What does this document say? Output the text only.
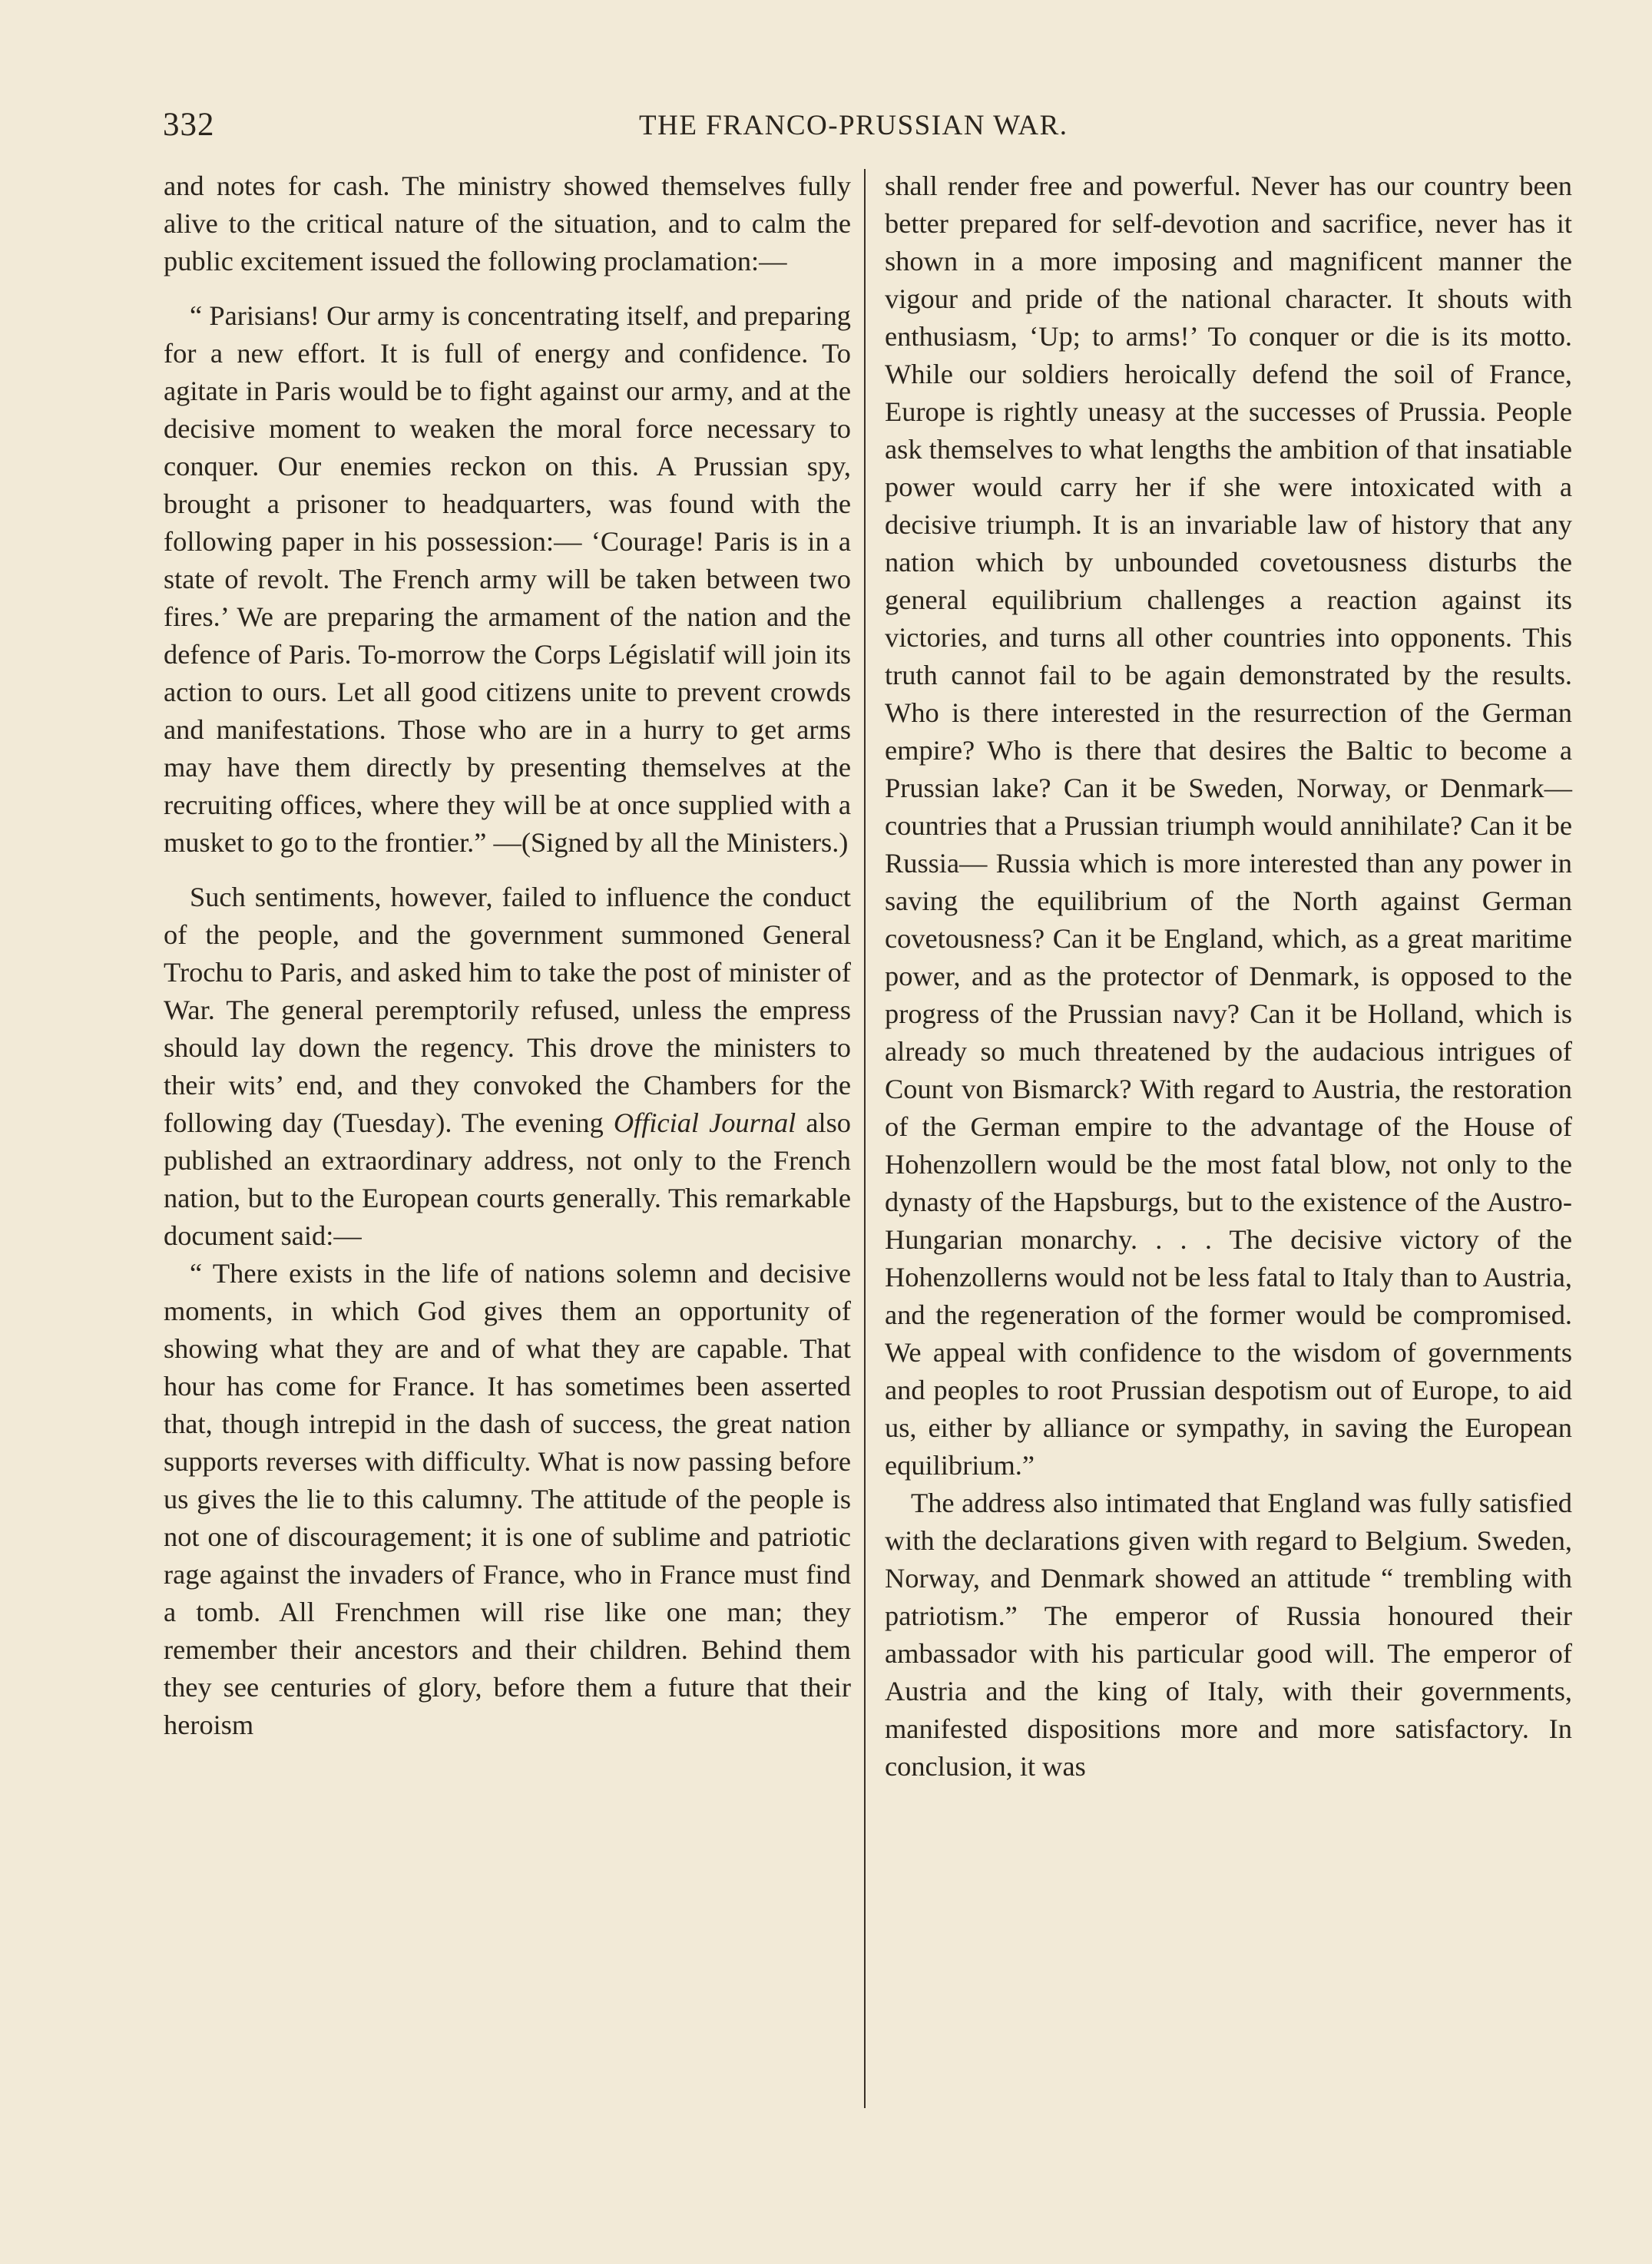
332	THE FRANCO-PRUSSIAN WAR.

and notes for cash. The ministry showed themselves fully alive to the critical nature of the situation, and to calm the public excitement issued the following proclamation:—

“ Parisians! Our army is concentrating itself, and preparing for a new effort. It is full of energy and confidence. To agitate in Paris would be to fight against our army, and at the decisive moment to weaken the moral force necessary to conquer. Our enemies reckon on this. A Prussian spy, brought a prisoner to headquarters, was found with the following paper in his possession:— ‘Courage! Paris is in a state of revolt. The French army will be taken between two fires.’ We are preparing the armament of the nation and the defence of Paris. To-morrow the Corps Législatif will join its action to ours. Let all good citizens unite to prevent crowds and manifestations. Those who are in a hurry to get arms may have them directly by presenting themselves at the recruiting offices, where they will be at once supplied with a musket to go to the frontier.” —(Signed by all the Ministers.)

Such sentiments, however, failed to influence the conduct of the people, and the government summoned General Trochu to Paris, and asked him to take the post of minister of War. The general peremptorily refused, unless the empress should lay down the regency. This drove the ministers to their wits’ end, and they convoked the Chambers for the following day (Tuesday). The evening Official Journal also published an extraordinary address, not only to the French nation, but to the European courts generally. This remarkable document said:—

“ There exists in the life of nations solemn and decisive moments, in which God gives them an opportunity of showing what they are and of what they are capable. That hour has come for France. It has sometimes been asserted that, though intrepid in the dash of success, the great nation supports reverses with difficulty. What is now passing before us gives the lie to this calumny. The attitude of the people is not one of discouragement; it is one of sublime and patriotic rage against the invaders of France, who in France must find a tomb. All Frenchmen will rise like one man; they remember their ancestors and their children. Behind them they see centuries of glory, before them a future that their heroism

shall render free and powerful. Never has our country been better prepared for self-devotion and sacrifice, never has it shown in a more imposing and magnificent manner the vigour and pride of the national character. It shouts with enthusiasm, ‘Up; to arms!’ To conquer or die is its motto. While our soldiers heroically defend the soil of France, Europe is rightly uneasy at the successes of Prussia. People ask themselves to what lengths the ambition of that insatiable power would carry her if she were intoxicated with a decisive triumph. It is an invariable law of history that any nation which by unbounded covetousness disturbs the general equilibrium challenges a reaction against its victories, and turns all other countries into opponents. This truth cannot fail to be again demonstrated by the results. Who is there interested in the resurrection of the German empire? Who is there that desires the Baltic to become a Prussian lake? Can it be Sweden, Norway, or Denmark—countries that a Prussian triumph would annihilate? Can it be Russia— Russia which is more interested than any power in saving the equilibrium of the North against German covetousness? Can it be England, which, as a great maritime power, and as the protector of Denmark, is opposed to the progress of the Prussian navy? Can it be Holland, which is already so much threatened by the audacious intrigues of Count von Bismarck? With regard to Austria, the restoration of the German empire to the advantage of the House of Hohenzollern would be the most fatal blow, not only to the dynasty of the Hapsburgs, but to the existence of the Austro-Hungarian monarchy. . . . The decisive victory of the Hohenzollerns would not be less fatal to Italy than to Austria, and the regeneration of the former would be compromised. We appeal with confidence to the wisdom of governments and peoples to root Prussian despotism out of Europe, to aid us, either by alliance or sympathy, in saving the European equilibrium.”

The address also intimated that England was fully satisfied with the declarations given with regard to Belgium. Sweden, Norway, and Denmark showed an attitude “ trembling with patriotism.” The emperor of Russia honoured their ambassador with his particular good will. The emperor of Austria and the king of Italy, with their governments, manifested dispositions more and more satisfactory. In conclusion, it was
